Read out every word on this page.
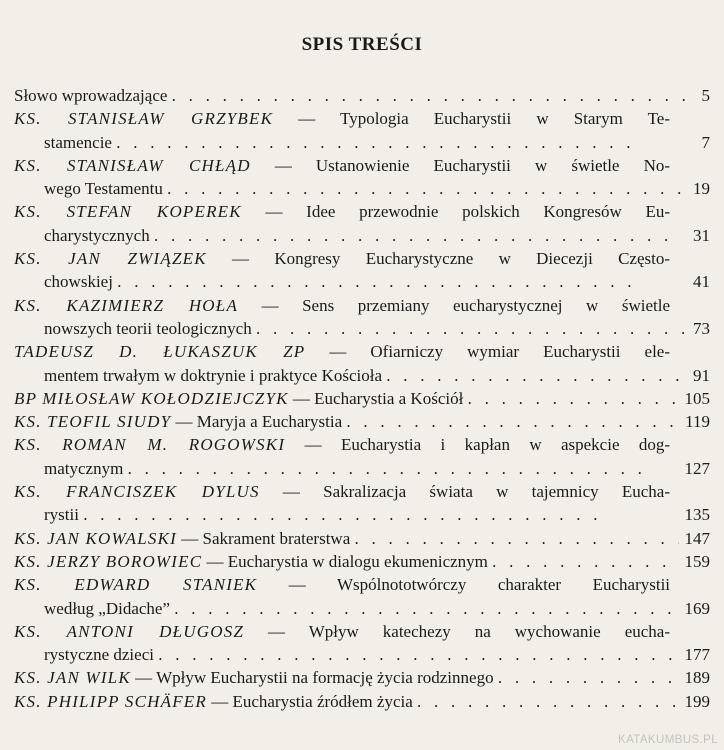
SPIS TREŚCI
Słowo wprowadzające . .	5
KS. STANISŁAW GRZYBEK — Typologia Eucharystii w Starym Te-
stamencie . .	7
KS. STANISŁAW CHŁĄD — Ustanowienie Eucharystii w świetle No-
wego Testamentu . .	19
KS. STEFAN KOPEREK — Idee przewodnie polskich Kongresów Eu-
charystycznych . .	31
KS. JAN ZWIĄZEK — Kongresy Eucharystyczne w Diecezji Często-
chowskiej . .	41
KS. KAZIMIERZ HOŁA — Sens przemiany eucharystycznej w świetle
nowszych teorii teologicznych . .	73
TADEUSZ D. ŁUKASZUK ZP — Ofiarniczy wymiar Eucharystii ele-
mentem trwałym w doktrynie i praktyce Kościoła . .	91
BP MIŁOSŁAW KOŁODZIEJCZYK — Eucharystia a Kościół . .	105
KS. TEOFIL SIUDY — Maryja a Eucharystia . .	119
KS. ROMAN M. ROGOWSKI — Eucharystia i kapłan w aspekcie dog-
matycznym . .	127
KS. FRANCISZEK DYLUS — Sakralizacja świata w tajemnicy Eucha-
rystii . .	135
KS. JAN KOWALSKI — Sakrament braterstwa . .	147
KS. JERZY BOROWIEC — Eucharystia w dialogu ekumenicznym . .	159
KS. EDWARD STANIEK — Wspólnototwórczy charakter Eucharystii
według „Didache” . .	169
KS. ANTONI DŁUGOSZ — Wpływ katechezy na wychowanie eucha-
rystyczne dzieci . .	177
KS. JAN WILK — Wpływ Eucharystii na formację życia rodzinnego . .	189
KS. PHILIPP SCHÄFER — Eucharystia źródłem życia . .	199
KATAKUMBUS.PL
